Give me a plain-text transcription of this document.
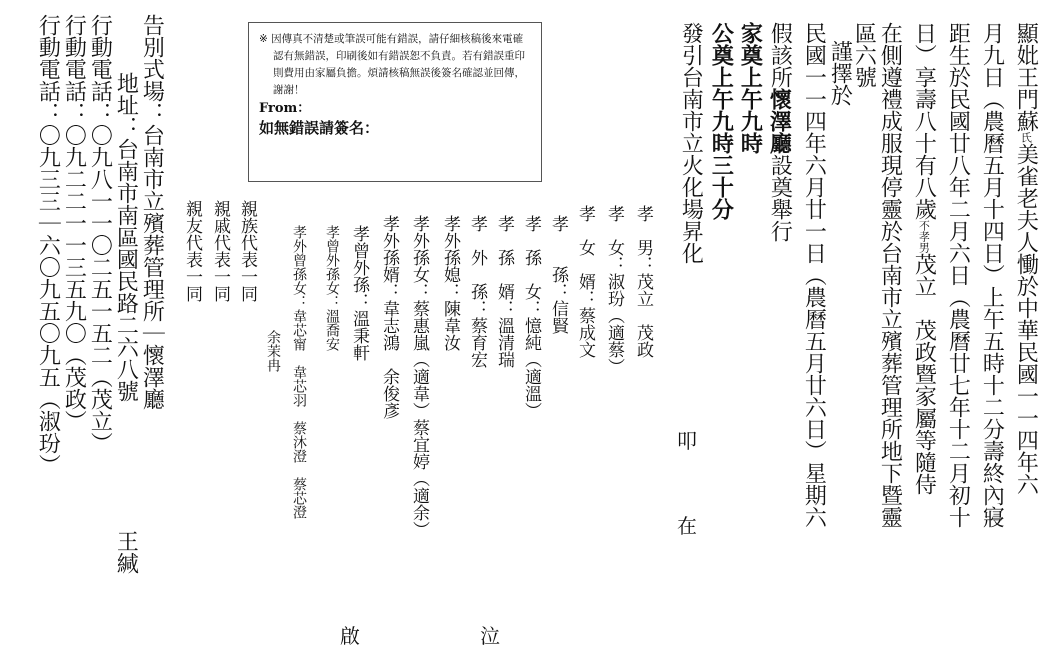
顯妣王門蘇氏美雀老夫人慟於中華民國一一四年六
月九日（農曆五月十四日）上午五時十二分壽終內寢
距生於民國廿八年二月六日（農曆廿七年十二月初十
日）享壽八十有八歲不孝男茂立　茂政暨家屬等隨侍
在側遵禮成服現停靈於台南市立殯葬管理所地下暨靈
區六號
謹擇於
民國一一四年六月廿一日（農曆五月廿六日）星期六
假該所懷澤廳設奠舉行
家奠上午九時
公奠上午九時三十分
發引台南市立火化場昇化
叩
在
孝　男：茂立　茂政
孝　女：淑玢（適蔡）
孝　女　婿：蔡成文
孝　　孫：信賢
孝　孫　女：憶純（適溫）
孝　孫　婿：溫清瑞
孝　外　孫：蔡育宏
孝外孫媳：陳韋汝
孝外孫女：蔡惠嵐（適韋）蔡宜婷（適余）
孝外孫婿：韋志鴻　余俊彥
孝曾外孫：溫秉軒
孝曾外孫女：溫喬安
孝外曾孫女：韋芯甯　韋芯羽　蔡沐澄　蔡芯澄
余茉冉
親族代表一同
親戚代表一同
親友代表一同
啟	泣

※ 因傳真不清楚或筆誤可能有錯誤，請仔細核稿後來電確認有無錯誤，印刷後如有錯誤恕不負責。若有錯誤重印則費用由家屬負擔。煩請核稿無誤後簽名確認並回傳，謝謝！

From：
如無錯誤請簽名：
告別式場：台南市立殯葬管理所｜懷澤廳
地址：台南市南區國民路二六八號
王緘
行動電話：〇九八一一〇二五一五二（茂立）
行動電話：〇九二二一一三五九〇（茂政）
行動電話：〇九三三｜六〇九五〇九五（淑玢）
